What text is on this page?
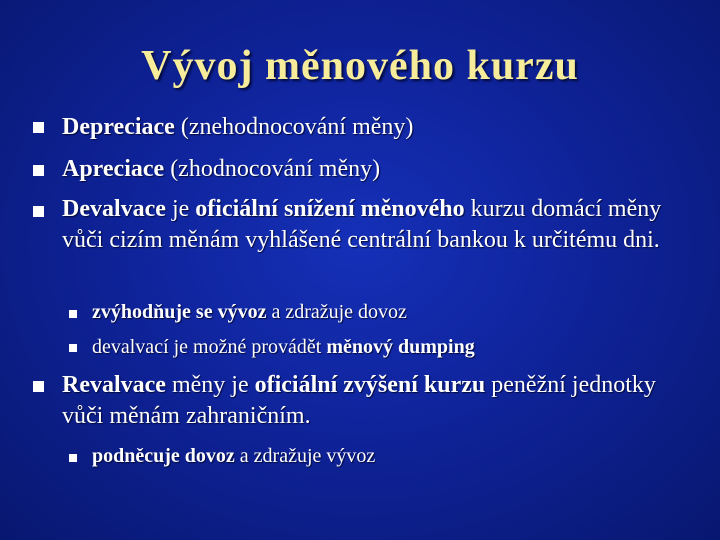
Vývoj měnového kurzu
Depreciace (znehodnocování měny)
Apreciace (zhodnocování měny)
Devalvace je oficiální snížení měnového kurzu domácí měny vůči cizím měnám vyhlášené centrální bankou k určitému dni.
zvýhodňuje se vývoz a zdražuje dovoz
devalvací je možné provádět měnový dumping
Revalvace měny je oficiální zvýšení kurzu peněžní jednotky vůči měnám zahraničním.
podněcuje dovoz a zdražuje vývoz
